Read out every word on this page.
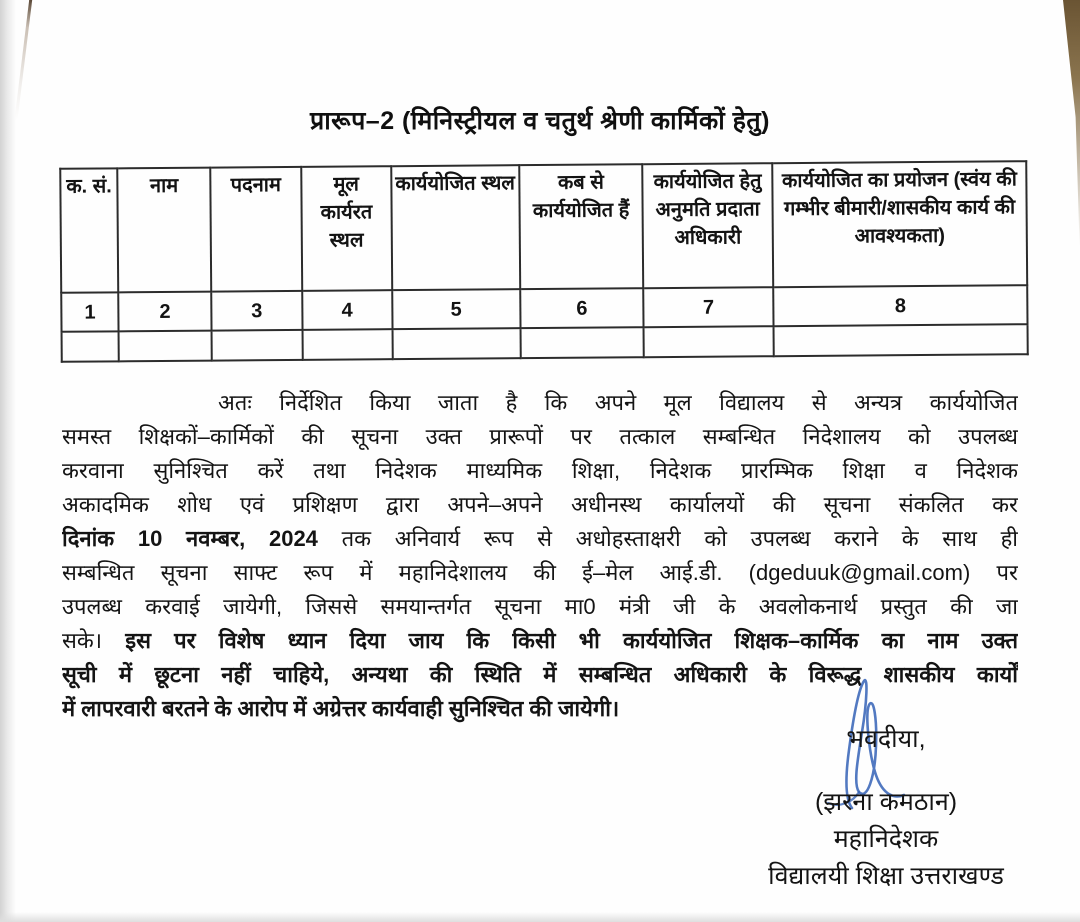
प्रारूप–2 (मिनिस्ट्रीयल व चतुर्थ श्रेणी कार्मिकों हेतु)
क. सं.	नाम	पदनाम	मूल कार्यरत स्थल	कार्ययोजित स्थल	कब से कार्ययोजित हैं	कार्ययोजित हेतु अनुमति प्रदाता अधिकारी	कार्ययोजित का प्रयोजन (स्वंय की गम्भीर बीमारी/शासकीय कार्य की आवश्यकता)
1	2	3	4	5	6	7	8

अतः निर्देशित किया जाता है कि अपने मूल विद्यालय से अन्यत्र कार्ययोजित
समस्त शिक्षकों–कार्मिकों की सूचना उक्त प्रारूपों पर तत्काल सम्बन्धित निदेशालय को उपलब्ध
करवाना सुनिश्चित करें तथा निदेशक माध्यमिक शिक्षा, निदेशक प्रारम्भिक शिक्षा व निदेशक
अकादमिक शोध एवं प्रशिक्षण द्वारा अपने–अपने अधीनस्थ कार्यालयों की सूचना संकलित कर
दिनांक 10 नवम्बर, 2024 तक अनिवार्य रूप से अधोहस्ताक्षरी को उपलब्ध कराने के साथ ही
सम्बन्धित सूचना साफ्ट रूप में महानिदेशालय की ई–मेल आई.डी. (dgeduuk@gmail.com) पर
उपलब्ध करवाई जायेगी, जिससे समयान्तर्गत सूचना मा0 मंत्री जी के अवलोकनार्थ प्रस्तुत की जा
सके। इस पर विशेष ध्यान दिया जाय कि किसी भी कार्ययोजित शिक्षक–कार्मिक का नाम उक्त
सूची में छूटना नहीं चाहिये, अन्यथा की स्थिति में सम्बन्धित अधिकारी के विरूद्ध शासकीय कार्यों
में लापरवारी बरतने के आरोप में अग्रेत्तर कार्यवाही सुनिश्चित की जायेगी।
भवदीया,
(झरना कमठान)
महानिदेशक
विद्यालयी शिक्षा उत्तराखण्ड
